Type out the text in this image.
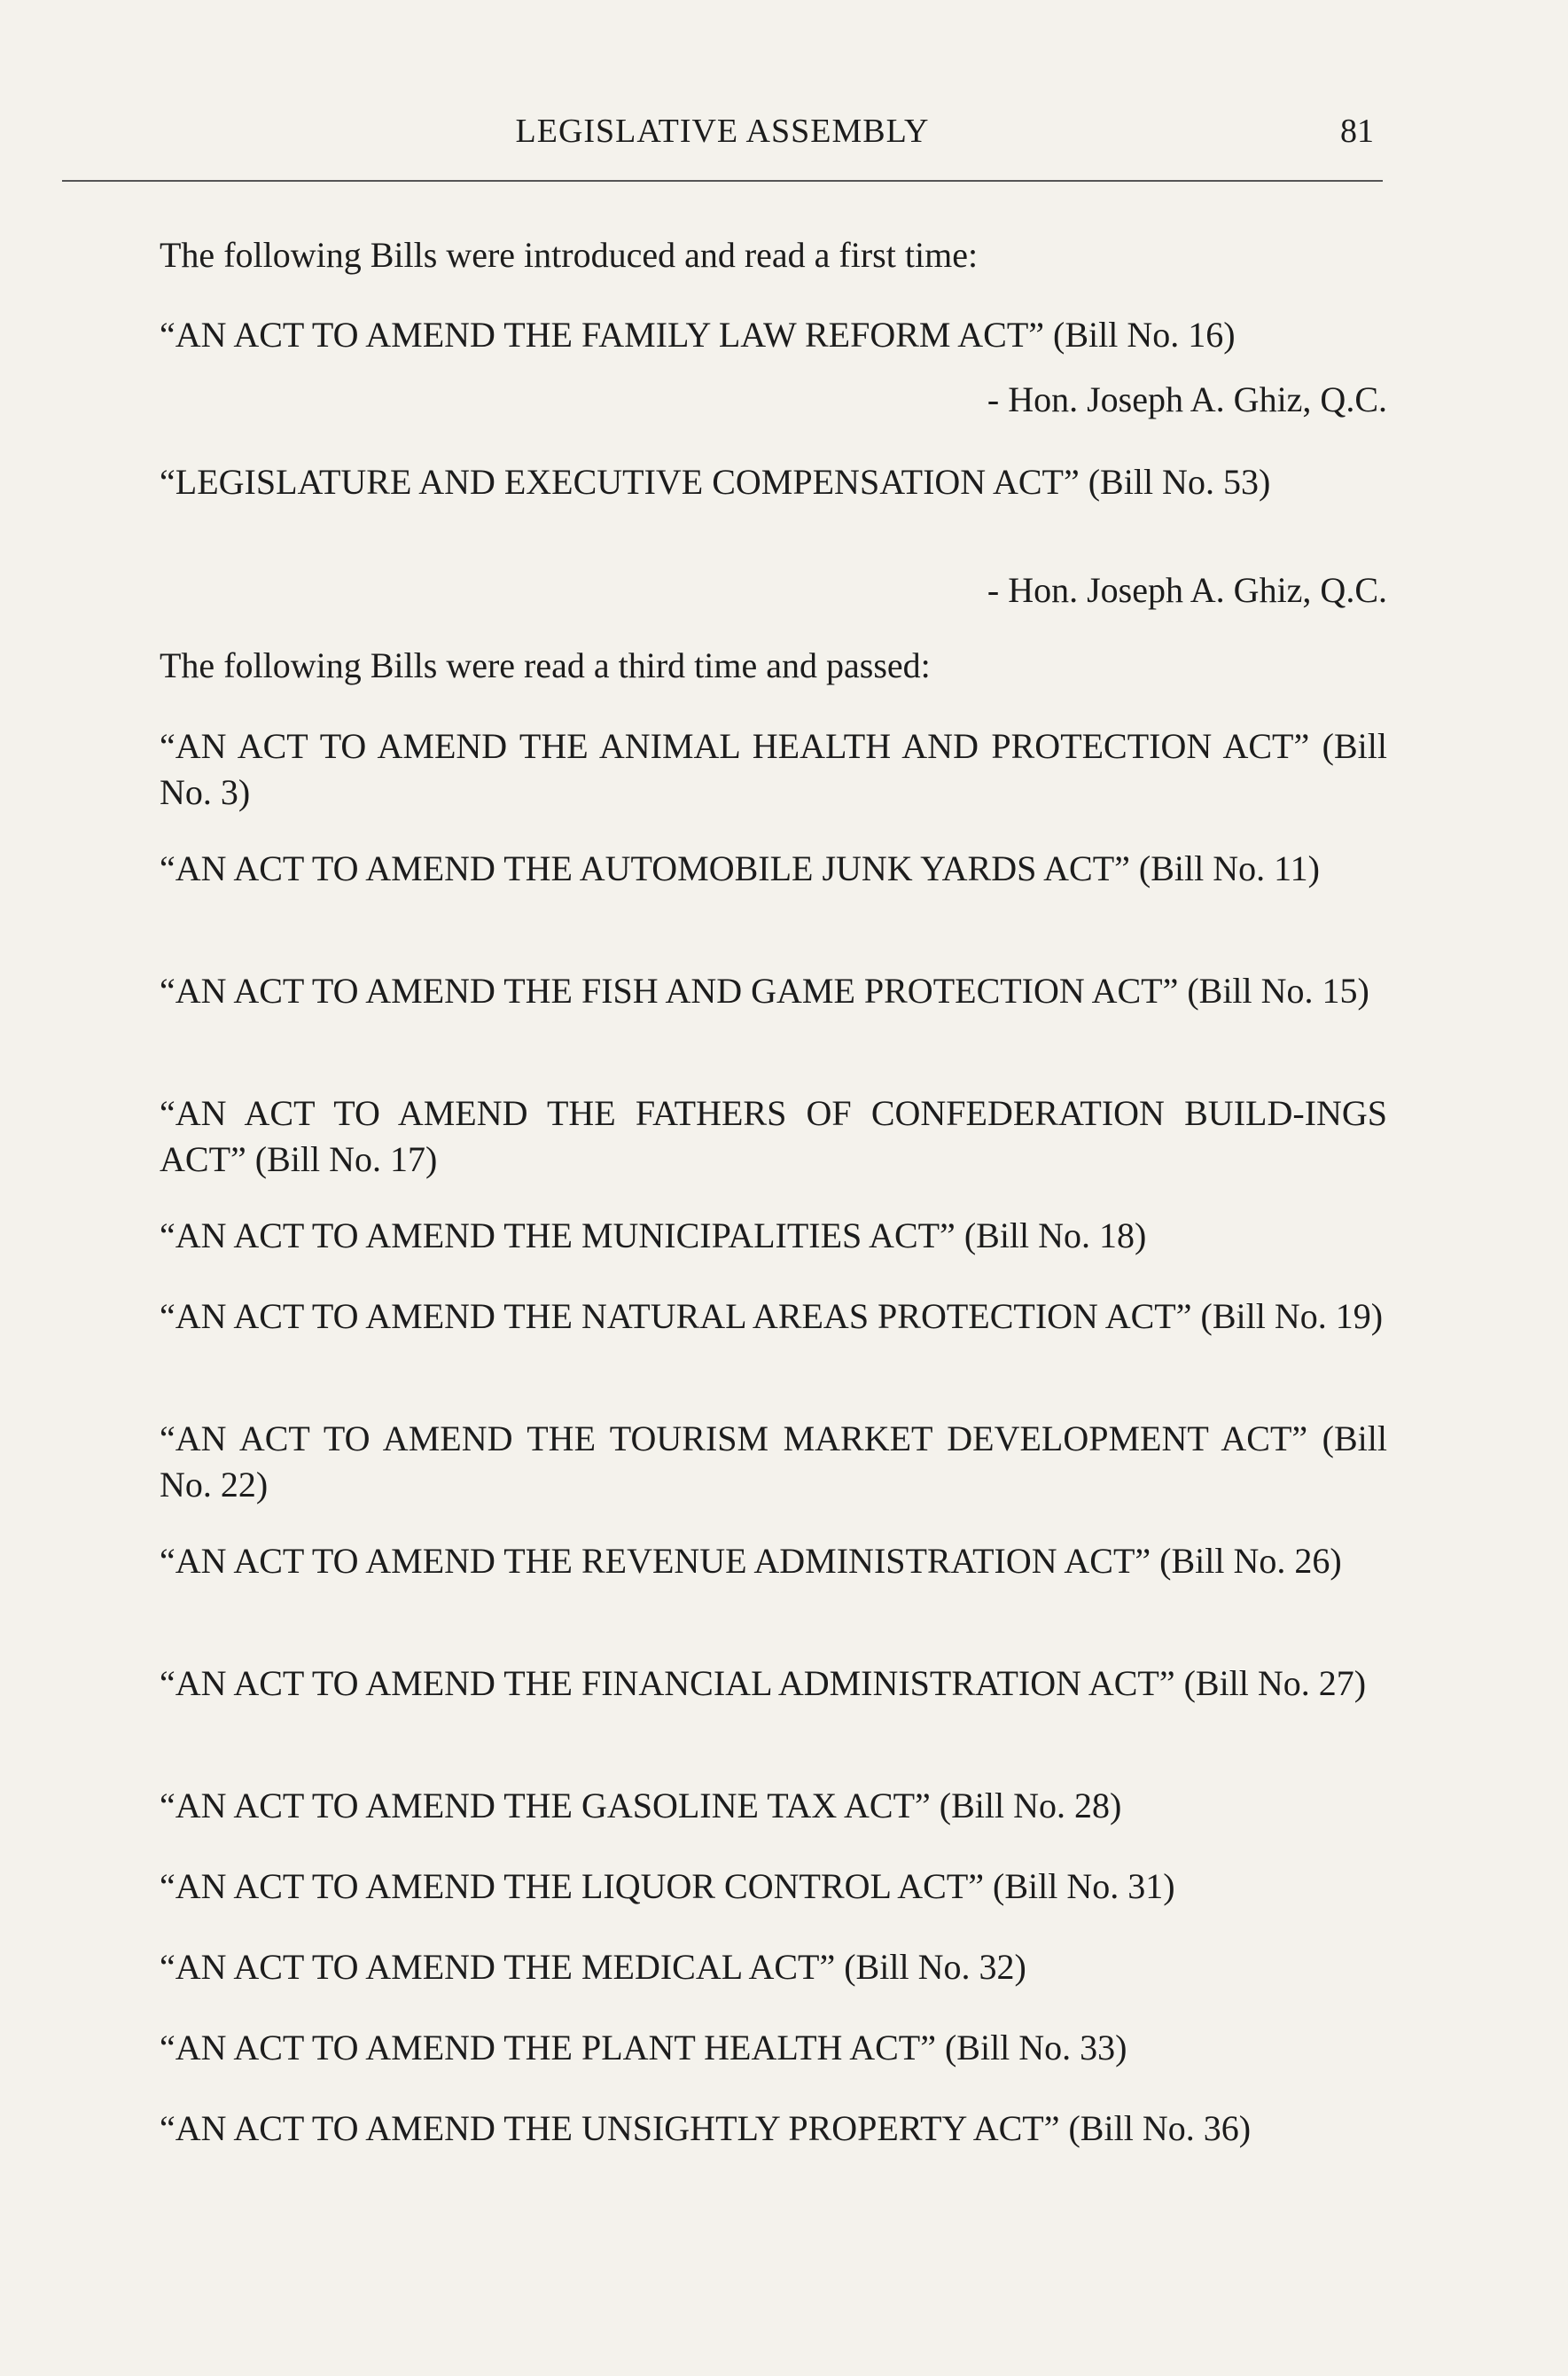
LEGISLATIVE ASSEMBLY	81
The following Bills were introduced and read a first time:
“AN ACT TO AMEND THE FAMILY LAW REFORM ACT” (Bill No. 16)
- Hon. Joseph A. Ghiz, Q.C.
“LEGISLATURE AND EXECUTIVE COMPENSATION ACT” (Bill No. 53)
- Hon. Joseph A. Ghiz, Q.C.
The following Bills were read a third time and passed:
“AN ACT TO AMEND THE ANIMAL HEALTH AND PROTECTION ACT” (Bill No. 3)
“AN ACT TO AMEND THE AUTOMOBILE JUNK YARDS ACT” (Bill No. 11)
“AN ACT TO AMEND THE FISH AND GAME PROTECTION ACT” (Bill No. 15)
“AN ACT TO AMEND THE FATHERS OF CONFEDERATION BUILD-INGS ACT” (Bill No. 17)
“AN ACT TO AMEND THE MUNICIPALITIES ACT” (Bill No. 18)
“AN ACT TO AMEND THE NATURAL AREAS PROTECTION ACT” (Bill No. 19)
“AN ACT TO AMEND THE TOURISM MARKET DEVELOPMENT ACT” (Bill No. 22)
“AN ACT TO AMEND THE REVENUE ADMINISTRATION ACT” (Bill No. 26)
“AN ACT TO AMEND THE FINANCIAL ADMINISTRATION ACT” (Bill No. 27)
“AN ACT TO AMEND THE GASOLINE TAX ACT” (Bill No. 28)
“AN ACT TO AMEND THE LIQUOR CONTROL ACT” (Bill No. 31)
“AN ACT TO AMEND THE MEDICAL ACT” (Bill No. 32)
“AN ACT TO AMEND THE PLANT HEALTH ACT” (Bill No. 33)
“AN ACT TO AMEND THE UNSIGHTLY PROPERTY ACT” (Bill No. 36)
